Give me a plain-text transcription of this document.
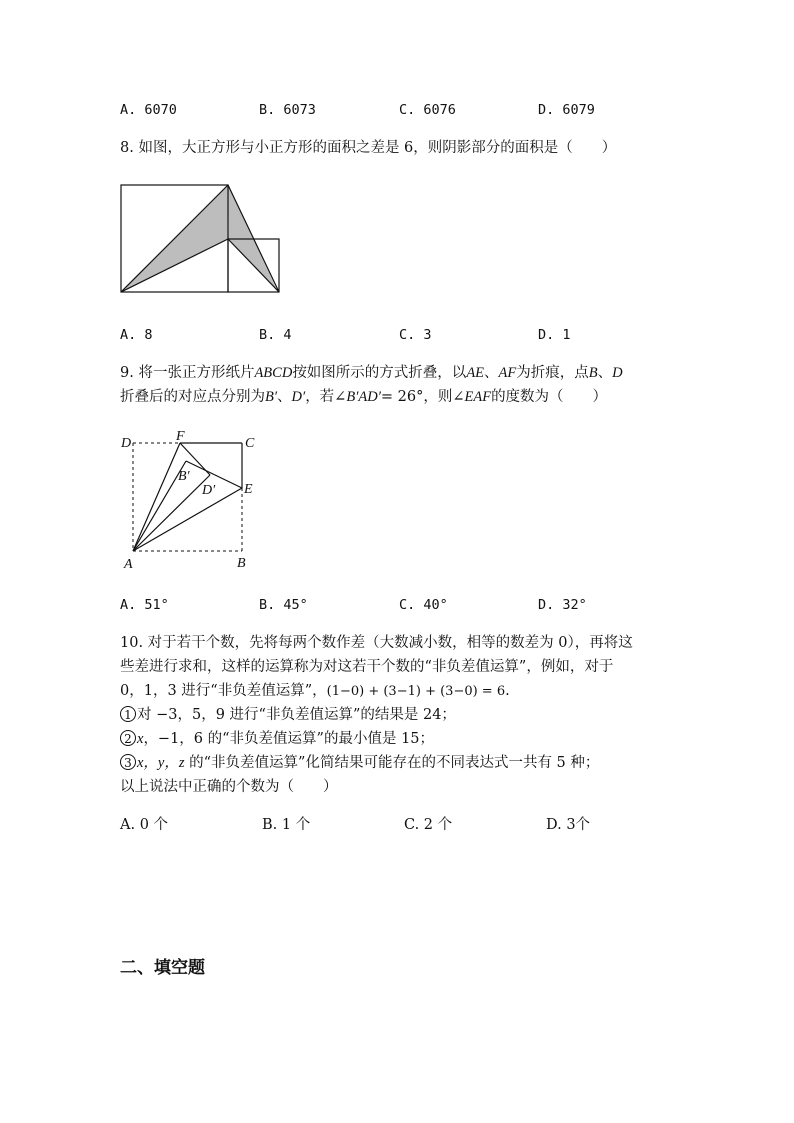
A. 6070	B. 6073	C. 6076	D. 6079
8. 如图，大正方形与小正方形的面积之差是 6，则阴影部分的面积是（　　）
A. 8	B. 4	C. 3	D. 1
9. 将一张正方形纸片ABCD按如图所示的方式折叠，以AE、AF为折痕，点B、D
折叠后的对应点分别为B′、D′，若∠B′AD′= 26°，则∠EAF的度数为（　　）
D	F	C
B′
D′ E
A	B
A. 51°	B. 45°	C. 40°	D. 32°
10. 对于若干个数，先将每两个数作差（大数减小数，相等的数差为 0），再将这
些差进行求和，这样的运算称为对这若干个数的“非负差值运算”，例如，对于
0，1，3 进行“非负差值运算”，(1−0) + (3−1) + (3−0) = 6.
1 对 −3，5，9 进行“非负差值运算”的结果是 24；
2 x，−1，6 的“非负差值运算”的最小值是 15；
3 x，y，z 的“非负差值运算”化简结果可能存在的不同表达式一共有 5 种；
以上说法中正确的个数为（　　）
A. 0 个	B. 1 个	C. 2 个	D. 3个
二、填空题
